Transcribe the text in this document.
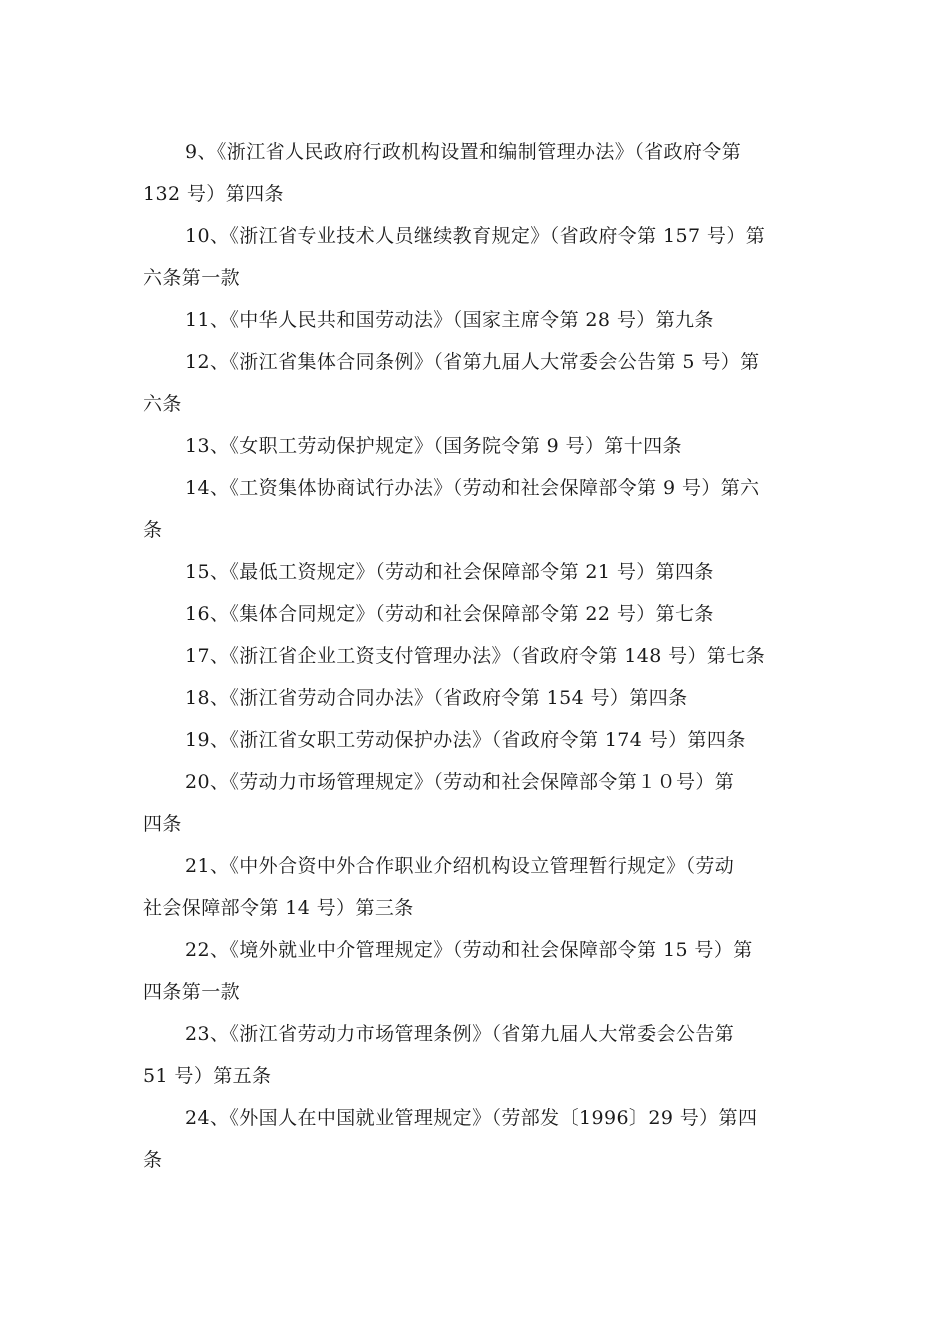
9、《浙江省人民政府行政机构设置和编制管理办法》（省政府令第
132 号）第四条

10、《浙江省专业技术人员继续教育规定》（省政府令第 157 号）第
六条第一款

11、《中华人民共和国劳动法》（国家主席令第 28 号）第九条

12、《浙江省集体合同条例》（省第九届人大常委会公告第 5 号）第
六条

13、《女职工劳动保护规定》（国务院令第 9 号）第十四条

14、《工资集体协商试行办法》（劳动和社会保障部令第 9 号）第六
条

15、《最低工资规定》（劳动和社会保障部令第 21 号）第四条

16、《集体合同规定》（劳动和社会保障部令第 22 号）第七条

17、《浙江省企业工资支付管理办法》（省政府令第 148 号）第七条

18、《浙江省劳动合同办法》（省政府令第 154 号）第四条

19、《浙江省女职工劳动保护办法》（省政府令第 174 号）第四条

20、《劳动力市场管理规定》（劳动和社会保障部令第１０号）第
四条

21、《中外合资中外合作职业介绍机构设立管理暂行规定》（劳动
社会保障部令第 14 号）第三条

22、《境外就业中介管理规定》（劳动和社会保障部令第 15 号）第
四条第一款

23、《浙江省劳动力市场管理条例》（省第九届人大常委会公告第
51 号）第五条

24、《外国人在中国就业管理规定》（劳部发〔1996〕29 号）第四
条
